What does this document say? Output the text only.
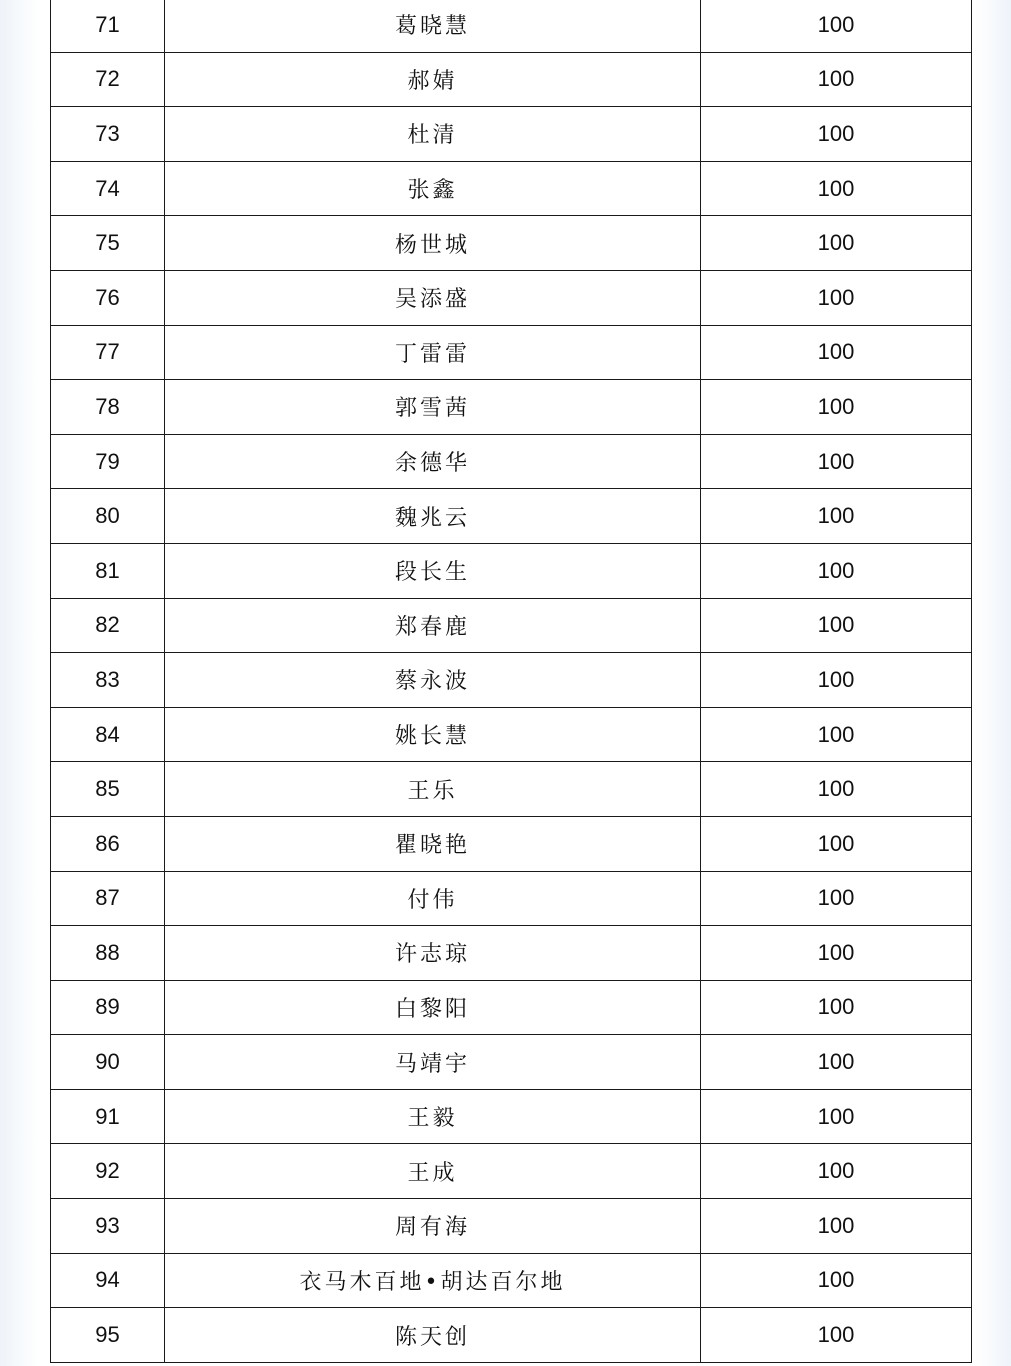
71	葛晓慧	100
72	郝婧	100
73	杜清	100
74	张鑫	100
75	杨世城	100
76	吴添盛	100
77	丁雷雷	100
78	郭雪茜	100
79	余德华	100
80	魏兆云	100
81	段长生	100
82	郑春鹿	100
83	蔡永波	100
84	姚长慧	100
85	王乐	100
86	瞿晓艳	100
87	付伟	100
88	许志琼	100
89	白黎阳	100
90	马靖宇	100
91	王毅	100
92	王成	100
93	周有海	100
94	衣马木百地•胡达百尔地	100
95	陈天创	100
